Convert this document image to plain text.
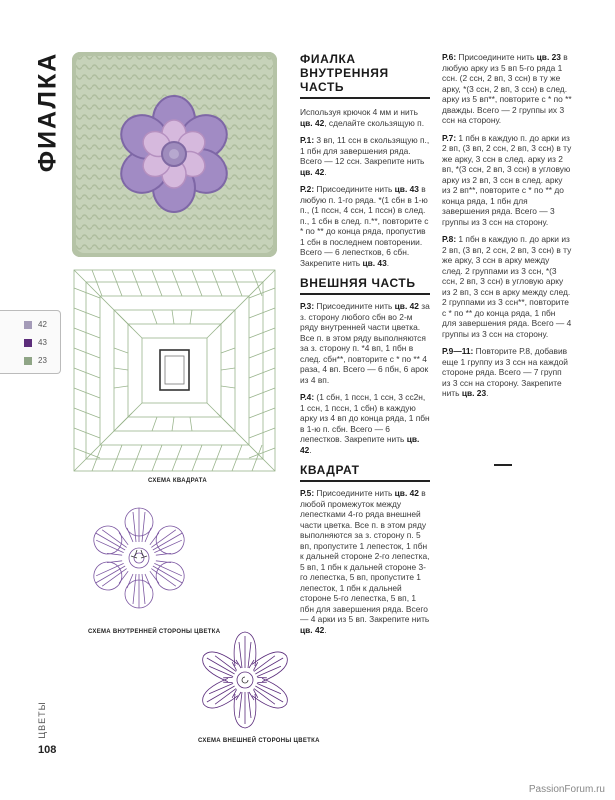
ФИАЛКА
42
43
23
СХЕМА КВАДРАТА
СХЕМА ВНУТРЕННЕЙ СТОРОНЫ ЦВЕТКА
СХЕМА ВНЕШНЕЙ СТОРОНЫ ЦВЕТКА
ЦВЕТЫ
108
ФИАЛКА
ВНУТРЕННЯЯ ЧАСТЬ

Используя крючок 4 мм и нить цв. 42, сделайте скользящую п.

Р.1: 3 вп, 11 ссн в скользящую п., 1 пбн для завершения ряда. Всего — 12 ссн. Закрепите нить цв. 42.

Р.2: Присоедините нить цв. 43 в любую п. 1-го ряда. *(1 сбн в 1-ю п., (1 пссн, 4 ссн, 1 пссн) в след. п., 1 сбн в след. п.**, повторите с * по ** до конца ряда, пропустив 1 сбн в последнем повторении. Всего — 6 лепестков, 6 сбн. Закрепите нить цв. 43.

ВНЕШНЯЯ ЧАСТЬ

Р.3: Присоедините нить цв. 42 за з. сторону любого сбн во 2-м ряду внутренней части цветка. Все п. в этом ряду выполняются за з. сторону п. *4 вп, 1 пбн в след. сбн**, повторите с * по ** 4 раза, 4 вп. Всего — 6 пбн, 6 арок из 4 вп.

Р.4: (1 сбн, 1 пссн, 1 ссн, 3 сс2н, 1 ссн, 1 пссн, 1 сбн) в каждую арку из 4 вп до конца ряда, 1 пбн в 1-ю п. сбн. Всего — 6 лепестков. Закрепите нить цв. 42.

КВАДРАТ

Р.5: Присоедините нить цв. 42 в любой промежуток между лепестками 4-го ряда внешней части цветка. Все п. в этом ряду выполняются за з. сторону п. 5 вп, пропустите 1 лепесток, 1 пбн к дальней стороне 2-го лепестка, 5 вп, 1 пбн к дальней стороне 3-го лепестка, 5 вп, пропустите 1 лепесток, 1 пбн к дальней стороне 5-го лепестка, 5 вп, 1 пбн для завершения ряда. Всего — 4 арки из 5 вп. Закрепите нить цв. 42.

Р.6: Присоедините нить цв. 23 в любую арку из 5 вп 5-го ряда 1 ссн. (2 ссн, 2 вп, 3 ссн) в ту же арку, *(3 ссн, 2 вп, 3 ссн) в след. арку из 5 вп**, повторите с * по ** дважды. Всего — 2 группы их 3 ссн на сторону.

Р.7: 1 пбн в каждую п. до арки из 2 вп, (3 вп, 2 ссн, 2 вп, 3 ссн) в ту же арку, 3 ссн в след. арку из 2 вп, *(3 ссн, 2 вп, 3 ссн) в угловую арку из 2 вп, 3 ссн в след. арку из 2 вп**, повторите с * по ** до конца ряда, 1 пбн для завершения ряда. Всего — 3 группы из 3 ссн на сторону.

Р.8: 1 пбн в каждую п. до арки из 2 вп, (3 вп, 2 ссн, 2 вп, 3 ссн) в ту же арку, 3 ссн в арку между след. 2 группами из 3 ссн, *(3 ссн, 2 вп, 3 ссн) в угловую арку из 2 вп, 3 ссн в арку между след. 2 группами из 3 ссн**, повторите с * по ** до конца ряда, 1 пбн для завершения ряда. Всего — 4 группы из 3 ссн на сторону.

Р.9—11: Повторите Р.8, добавив еще 1 группу из 3 ссн на каждой стороне ряда. Всего — 7 групп из 3 ссн на сторону. Закрепите нить цв. 23.

PassionForum.ru
